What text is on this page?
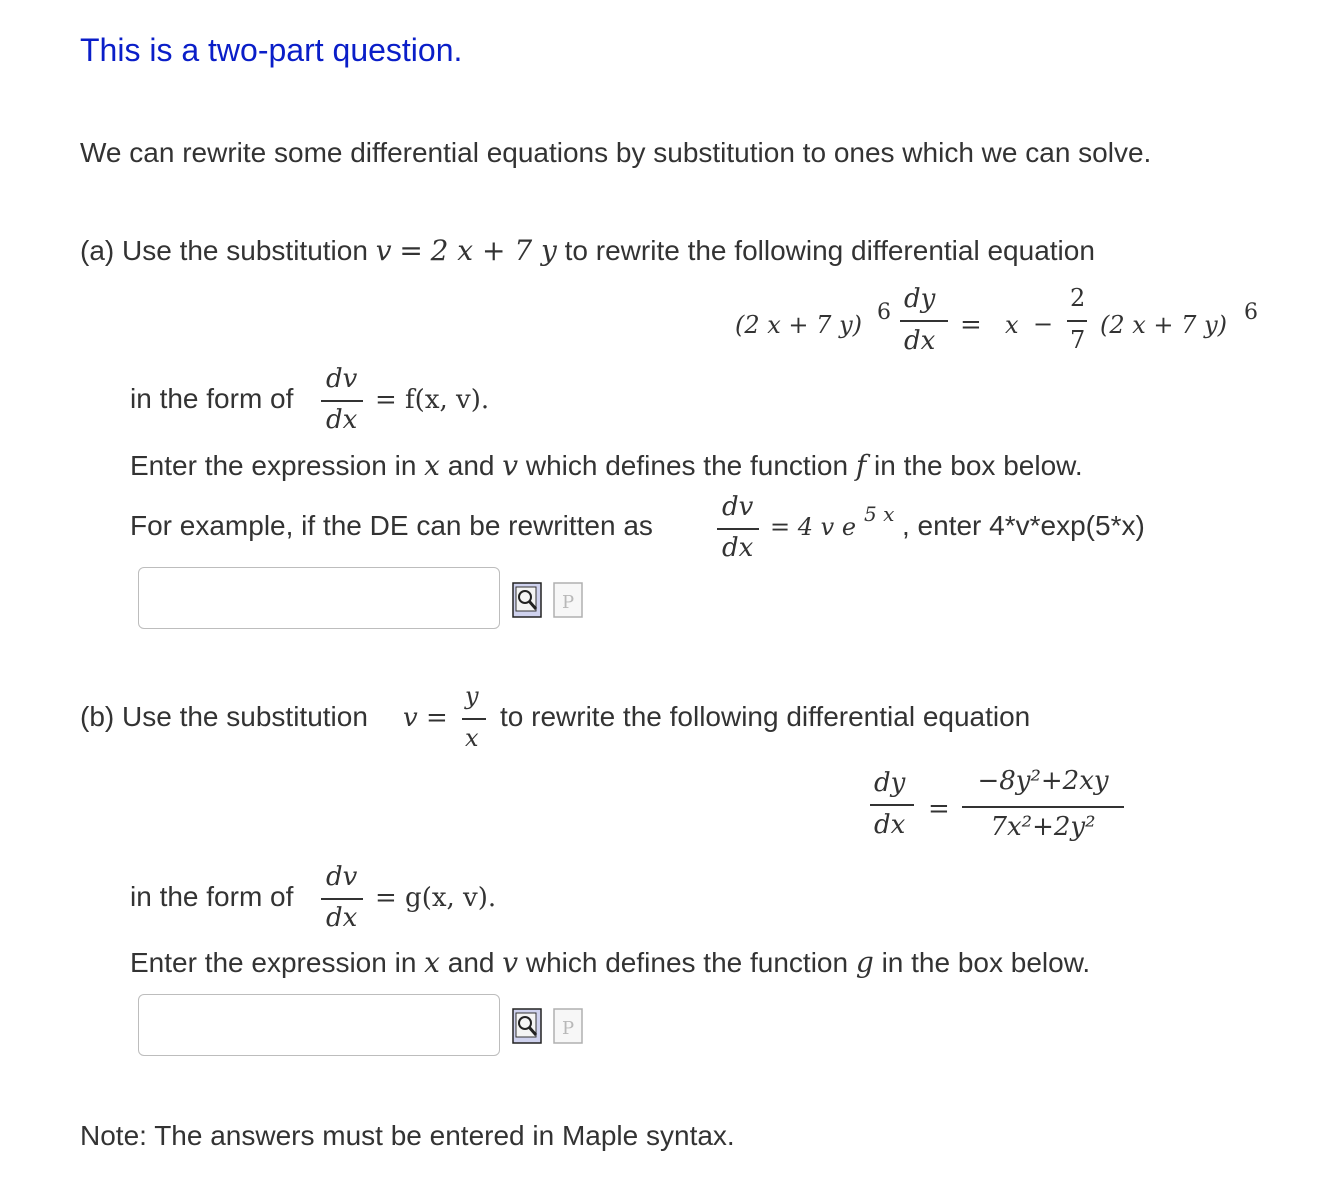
This is a two-part question.
We can rewrite some differential equations by substitution to ones which we can solve.
(a) Use the substitution v = 2 x + 7 y to rewrite the following differential equation
(2 x + 7 y) 6 dy
dx
= x −
2
7
(2 x + 7 y) 6
in the form of
dv
dx
= f(x, v).
Enter the expression in x and v which defines the function f in the box below.
For example, if the DE can be rewritten as
dv
dx
= 4 v e 5 x , enter 4*v*exp(5*x)
P
(b) Use the substitution v =
y
x
to rewrite the following differential equation
dy
dx
=
−8y²+2xy
7x²+2y²
in the form of
dv
dx
= g(x, v).
Enter the expression in x and v which defines the function g in the box below.
P
Note: The answers must be entered in Maple syntax.
